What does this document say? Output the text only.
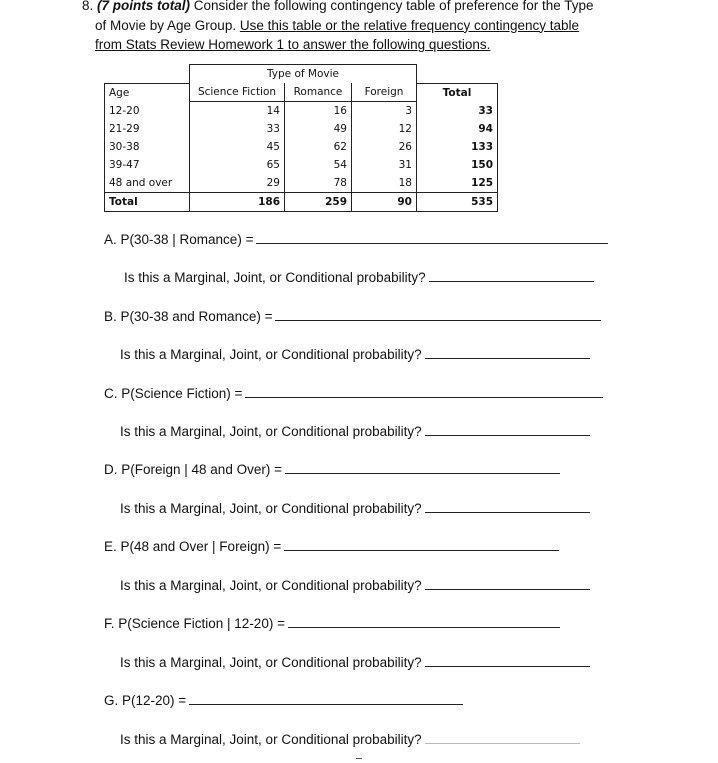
8. (7 points total) Consider the following contingency table of preference for the Type
of Movie by Age Group. Use this table or the relative frequency contingency table
from Stats Review Homework 1 to answer the following questions.
	Type of Movie			
Age	Science Fiction	Romance	Foreign	Total
12-20	14	16	3	33
21-29	33	49	12	94
30-38	45	62	26	133
39-47	65	54	31	150
48 and over	29	78	18	125
Total	186	259	90	535
A. P(30-38 | Romance) =
Is this a Marginal, Joint, or Conditional probability?
B. P(30-38 and Romance) =
Is this a Marginal, Joint, or Conditional probability?
C. P(Science Fiction) =
Is this a Marginal, Joint, or Conditional probability?
D. P(Foreign | 48 and Over) =
Is this a Marginal, Joint, or Conditional probability?
E. P(48 and Over | Foreign) =
Is this a Marginal, Joint, or Conditional probability?
F. P(Science Fiction | 12-20) =
Is this a Marginal, Joint, or Conditional probability?
G. P(12-20) =
Is this a Marginal, Joint, or Conditional probability?
